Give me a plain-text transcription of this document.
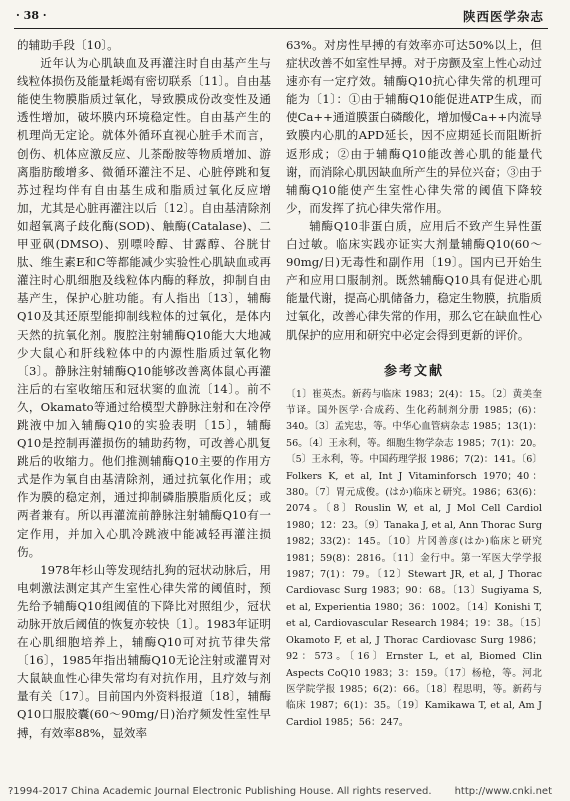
· 38 ·	陕西医学杂志

的辅助手段〔10〕。

近年认为心肌缺血及再灌注时自由基产生与线粒体损伤及能量耗竭有密切联系〔11〕。自由基能使生物膜脂质过氧化，导致膜成份改变性及通透性增加，破坏膜内环境稳定性。自由基产生的机理尚无定论。就体外循环直视心脏手术而言，创伤、机体应激反应、儿茶酚胺等物质增加、游离脂肪酸增多、微循环灌注不足、心脏停跳和复苏过程均伴有自由基生成和脂质过氧化反应增加，尤其是心脏再灌注以后〔12〕。自由基清除剂如超氧离子歧化酶(SOD)、触酶(Catalase)、二甲亚砜(DMSO)、别嘌呤醇、甘露醇、谷胱甘肽、维生素E和C等都能减少实验性心肌缺血或再灌注时心肌细胞及线粒体内酶的释放，抑制自由基产生，保护心脏功能。有人指出〔13〕，辅酶Q10及其还原型能抑制线粒体的过氧化，是体内天然的抗氧化剂。腹腔注射辅酶Q10能大大地减少大鼠心和肝线粒体中的内源性脂质过氧化物〔3〕。静脉注射辅酶Q10能够改善离体鼠心再灌注后的右室收缩压和冠状窦的血流〔14〕。前不久，Okamato等通过给模型犬静脉注射和在冷停跳液中加入辅酶Q10的实验表明〔15〕，辅酶Q10是控制再灌损伤的辅助药物，可改善心肌复跳后的收缩力。他们推测辅酶Q10主要的作用方式是作为氧自由基清除剂，通过抗氧化作用；或作为膜的稳定剂，通过抑制磷脂膜脂质化反；或两者兼有。所以再灌流前静脉注射辅酶Q10有一定作用，并加入心肌冷跳液中能减轻再灌注损伤。

1978年杉山等发现结扎狗的冠状动脉后，用电刺激法测定其产生室性心律失常的阈值时，预先给予辅酶Q10组阈值的下降比对照组少，冠状动脉开放后阈值的恢复亦较快〔1〕。1983年证明在心肌细胞培养上，辅酶Q10可对抗节律失常〔16〕，1985年指出辅酶Q10无论注射或灌胃对大鼠缺血性心律失常均有对抗作用，且疗效与剂量有关〔17〕。目前国内外资料报道〔18〕，辅酶Q10口服胶囊(60～90mg/日)治疗频发性室性早搏，有效率88%，显效率

63%。对房性早搏的有效率亦可达50%以上，但症状改善不如室性早搏。对于房颤及室上性心动过速亦有一定疗效。辅酶Q10抗心律失常的机理可能为〔1〕：①由于辅酶Q10能促进ATP生成，而使Ca++通道膜蛋白磷酸化，增加慢Ca++内流导致膜内心肌的APD延长，因不应期延长而阻断折返形成；②由于辅酶Q10能改善心肌的能量代谢，而消除心肌因缺血所产生的异位兴奋；③由于辅酶Q10能使产生室性心律失常的阈值下降较少，而发挥了抗心律失常作用。

辅酶Q10非蛋白质，应用后不致产生异性蛋白过敏。临床实践亦证实大剂量辅酶Q10(60～90mg/日)无毒性和副作用〔19〕。国内已开始生产和应用口服制剂。既然辅酶Q10具有促进心肌能量代谢，提高心肌储备力，稳定生物膜，抗脂质过氧化，改善心律失常的作用，那么它在缺血性心肌保护的应用和研究中必定会得到更新的评价。

参考文献

〔1〕崔英杰。新药与临床 1983；2(4)：15。〔2〕黄美奎节译。国外医学·合成药、生化药制剂分册 1985；(6)：340。〔3〕孟宪忠，等。中华心血管病杂志 1985；13(1)：56。〔4〕王永利，等。细胞生物学杂志 1985；7(1)：20。〔5〕王永利，等。中国药理学报 1986；7(2)：141。〔6〕Folkers K, et al, Int J Vitaminforsch 1970；40：380。〔7〕胃元成俊。(はか)临床と研究。1986；63(6)：2074。〔8〕Rouslin W, et al, J Mol Cell Cardiol 1980；12：23。〔9〕Tanaka J, et al, Ann Thorac Surg 1982；33(2)：145。〔10〕片冈善彦(はか)临床と研究 1981；59(8)：2816。〔11〕金行中。第一军医大学学报 1987；7(1)：79。〔12〕Stewart JR, et al, J Thorac Cardiovasc Surg 1983；90：68。〔13〕Sugiyama S, et al, Experientia 1980；36：1002。〔14〕Konishi T, et al, Cardiovascular Research 1984；19：38。〔15〕Okamoto F, et al, J Thorac Cardiovasc Surg 1986；92：573。〔16〕Ernster L, et al, Biomed Clin Aspects CoQ10 1983；3：159。〔17〕杨枪，等。河北医学院学报 1985；6(2)：66。〔18〕程思明，等。新药与临床 1987；6(1)：35。〔19〕Kamikawa T, et al, Am J Cardiol 1985；56：247。

?1994-2017 China Academic Journal Electronic Publishing House. All rights reserved. http://www.cnki.net
